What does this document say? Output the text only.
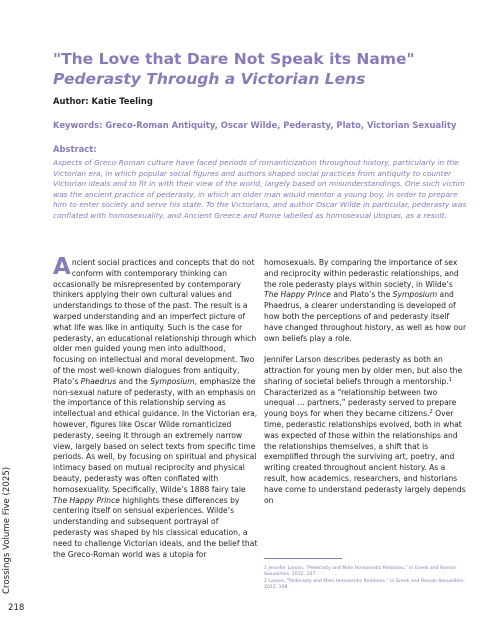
"The Love that Dare Not Speak its Name"
Pederasty Through a Victorian Lens
Author: Katie Teeling
Keywords: Greco-Roman Antiquity, Oscar Wilde, Pederasty, Plato, Victorian Sexuality
Abstract:

Aspects of Greco-Roman culture have faced periods of romanticization throughout history, particularly in the Victorian era, in which popular social figures and authors shaped social practices from antiquity to counter Victorian ideals and to fit in with their view of the world, largely based on misunderstandings. One such victim was the ancient practice of pederasty, in which an older man would mentor a young boy, in order to prepare him to enter society and serve his state. To the Victorians, and author Oscar Wilde in particular, pederasty was conflated with homosexuality, and Ancient Greece and Rome labelled as homosexual utopias, as a result.

Ancient social practices and concepts that do not conform with contemporary thinking can occasionally be misrepresented by contemporary thinkers applying their own cultural values and understandings to those of the past. The result is a warped understanding and an imperfect picture of what life was like in antiquity. Such is the case for pederasty, an educational relationship through which older men guided young men into adulthood, focusing on intellectual and moral development. Two of the most well-known dialogues from antiquity, Plato’s Phaedrus and the Symposium, emphasize the non-sexual nature of pederasty, with an emphasis on the importance of this relationship serving as intellectual and ethical guidance. In the Victorian era, however, figures like Oscar Wilde romanticized pederasty, seeing it through an extremely narrow view, largely based on select texts from specific time periods. As well, by focusing on spiritual and physical intimacy based on mutual reciprocity and physical beauty, pederasty was often conflated with homosexuality. Specifically, Wilde’s 1888 fairy tale The Happy Prince highlights these differences by centering itself on sensual experiences. Wilde’s understanding and subsequent portrayal of pederasty was shaped by his classical education, a need to challenge Victorian ideals, and the belief that the Greco-Roman world was a utopia for

homosexuals. By comparing the importance of sex and reciprocity within pederastic relationships, and the role pederasty plays within society, in Wilde’s The Happy Prince and Plato’s the Symposium and Phaedrus, a clearer understanding is developed of how both the perceptions of and pederasty itself have changed throughout history, as well as how our own beliefs play a role.

Jennifer Larson describes pederasty as both an attraction for young men by older men, but also the sharing of societal beliefs through a mentorship.$^1$ Characterized as a “relationship between two unequal … partners,” pederasty served to prepare young boys for when they became citizens.$^2$ Over time, pederastic relationships evolved, both in what was expected of those within the relationships and the relationships themselves, a shift that is exemplified through the surviving art, poetry, and writing created throughout ancient history. As a result, how academics, researchers, and historians have come to understand pederasty largely depends on

1 Jennifer Larson, “Pederasty and Male Homoerotic Relations,” in Greek and Roman Sexualities, 2012, 107.
2 Larson, “Pederasty and Male Homoerotic Relations,” in Greek and Roman Sexualities, 2012, 108.
Crossings Volume Five (2025)
218
